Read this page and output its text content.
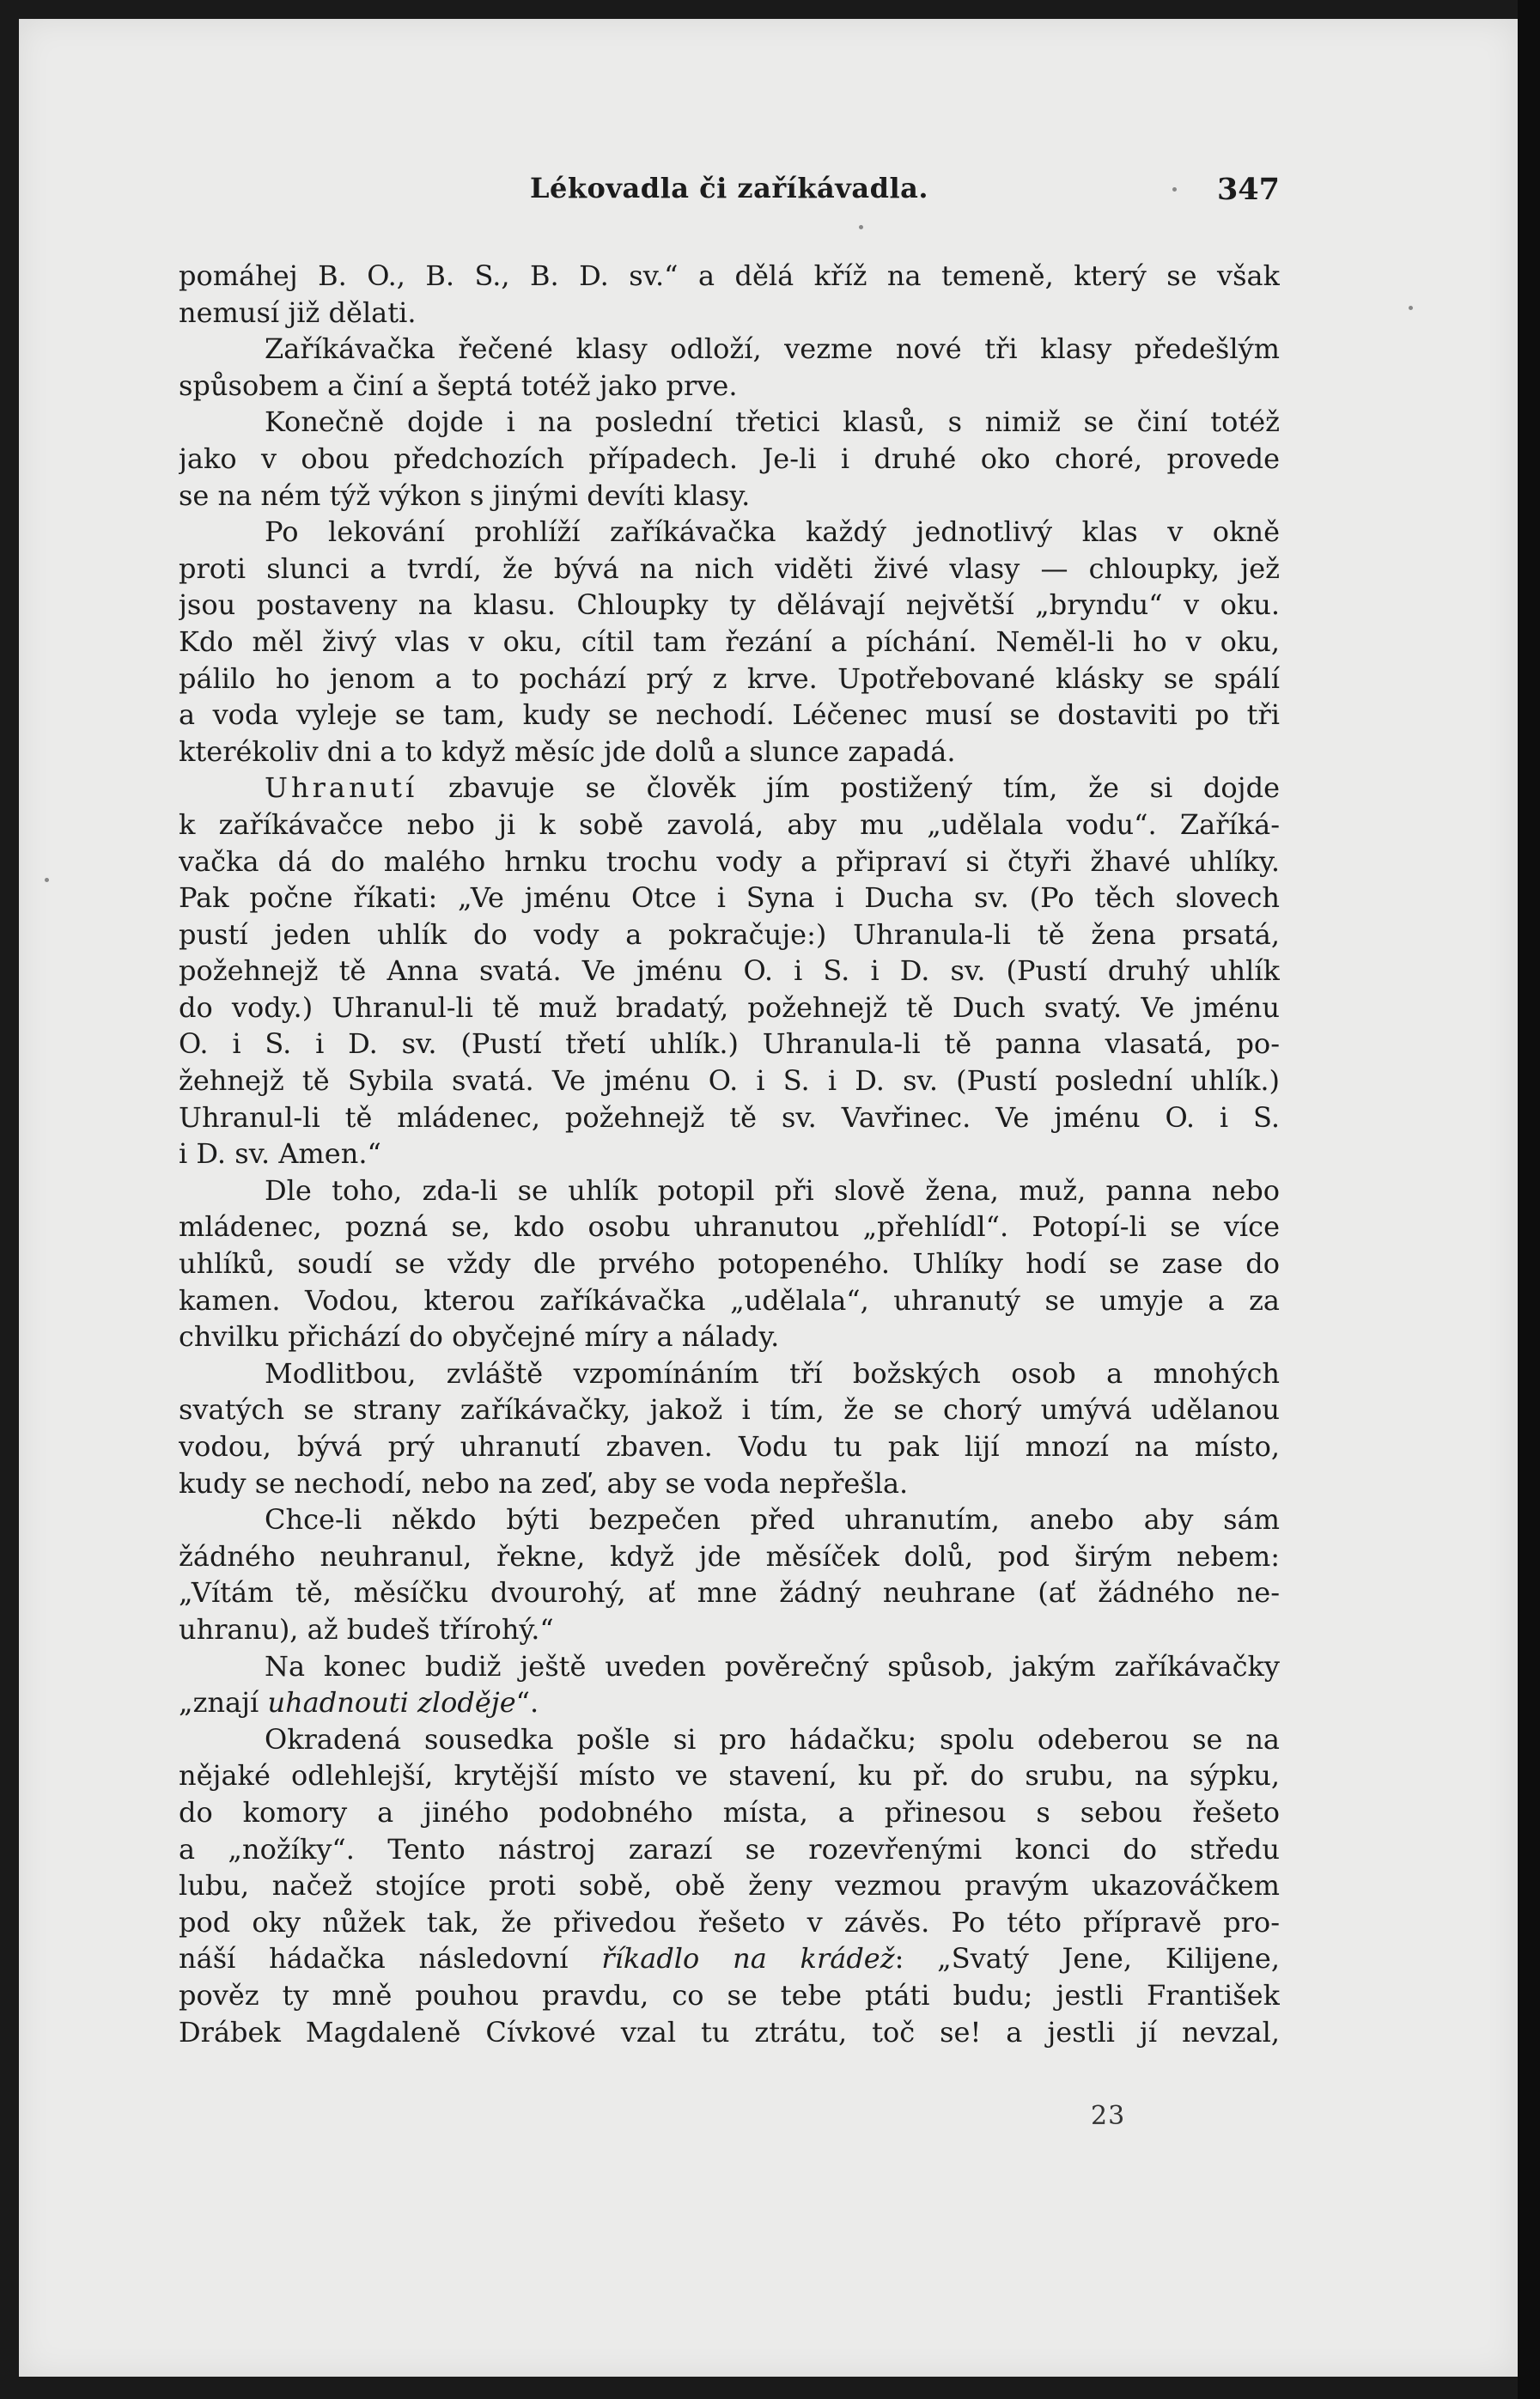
Lékovadla či zaříkávadla.	347
pomáhej B. O., B. S., B. D. sv.“ a dělá kříž na temeně, který se však
nemusí již dělati.
Zaříkávačka řečené klasy odloží, vezme nové tři klasy předešlým
spůsobem a činí a šeptá totéž jako prve.
Konečně dojde i na poslední třetici klasů, s nimiž se činí totéž
jako v obou předchozích případech. Je-li i druhé oko choré, provede
se na ném týž výkon s jinými devíti klasy.
Po lekování prohlíží zaříkávačka každý jednotlivý klas v okně
proti slunci a tvrdí, že bývá na nich viděti živé vlasy — chloupky, jež
jsou postaveny na klasu. Chloupky ty dělávají největší „bryndu“ v oku.
Kdo měl živý vlas v oku, cítil tam řezání a píchání. Neměl-li ho v oku,
pálilo ho jenom a to pochází prý z krve. Upotřebované klásky se spálí
a voda vyleje se tam, kudy se nechodí. Léčenec musí se dostaviti po tři
kterékoliv dni a to když měsíc jde dolů a slunce zapadá.
Uhranutí zbavuje se člověk jím postižený tím, že si dojde
k zaříkávačce nebo ji k sobě zavolá, aby mu „udělala vodu“. Zaříká-
vačka dá do malého hrnku trochu vody a připraví si čtyři žhavé uhlíky.
Pak počne říkati: „Ve jménu Otce i Syna i Ducha sv. (Po těch slovech
pustí jeden uhlík do vody a pokračuje:) Uhranula-li tě žena prsatá,
požehnejž tě Anna svatá. Ve jménu O. i S. i D. sv. (Pustí druhý uhlík
do vody.) Uhranul-li tě muž bradatý, požehnejž tě Duch svatý. Ve jménu
O. i S. i D. sv. (Pustí třetí uhlík.) Uhranula-li tě panna vlasatá, po-
žehnejž tě Sybila svatá. Ve jménu O. i S. i D. sv. (Pustí poslední uhlík.)
Uhranul-li tě mládenec, požehnejž tě sv. Vavřinec. Ve jménu O. i S.
i D. sv. Amen.“
Dle toho, zda-li se uhlík potopil při slově žena, muž, panna nebo
mládenec, pozná se, kdo osobu uhranutou „přehlídl“. Potopí-li se více
uhlíků, soudí se vždy dle prvého potopeného. Uhlíky hodí se zase do
kamen. Vodou, kterou zaříkávačka „udělala“, uhranutý se umyje a za
chvilku přichází do obyčejné míry a nálady.
Modlitbou, zvláště vzpomínáním tří božských osob a mnohých
svatých se strany zaříkávačky, jakož i tím, že se chorý umývá udělanou
vodou, bývá prý uhranutí zbaven. Vodu tu pak lijí mnozí na místo,
kudy se nechodí, nebo na zeď, aby se voda nepřešla.
Chce-li někdo býti bezpečen před uhranutím, anebo aby sám
žádného neuhranul, řekne, když jde měsíček dolů, pod širým nebem:
„Vítám tě, měsíčku dvourohý, ať mne žádný neuhrane (ať žádného ne-
uhranu), až budeš třírohý.“
Na konec budiž ještě uveden pověrečný spůsob, jakým zaříkávačky
„znají uhadnouti zloděje“.
Okradená sousedka pošle si pro hádačku; spolu odeberou se na
nějaké odlehlejší, krytější místo ve stavení, ku př. do srubu, na sýpku,
do komory a jiného podobného místa, a přinesou s sebou řešeto
a „nožíky“. Tento nástroj zarazí se rozevřenými konci do středu
lubu, načež stojíce proti sobě, obě ženy vezmou pravým ukazováčkem
pod oky nůžek tak, že přivedou řešeto v závěs. Po této přípravě pro-
náší hádačka následovní říkadlo na krádež: „Svatý Jene, Kilijene,
pověz ty mně pouhou pravdu, co se tebe ptáti budu; jestli František
Drábek Magdaleně Cívkové vzal tu ztrátu, toč se! a jestli jí nevzal,
23
